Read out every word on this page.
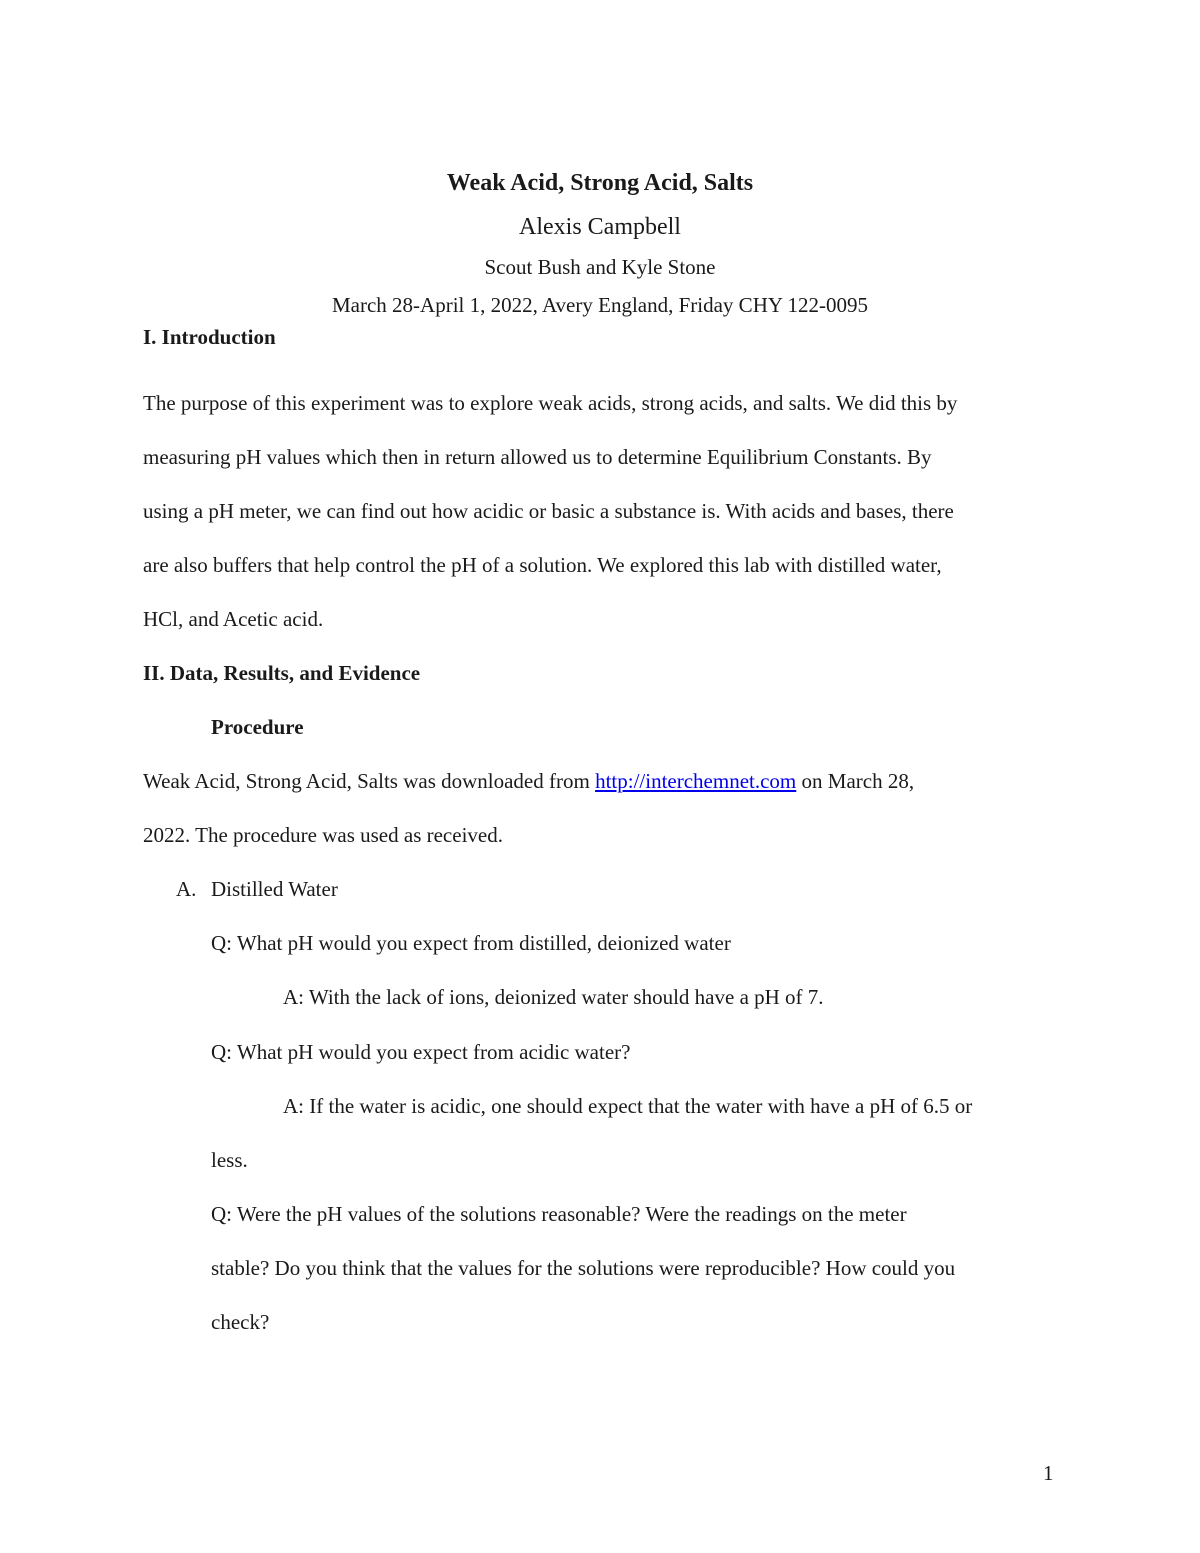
Weak Acid, Strong Acid, Salts
Alexis Campbell
Scout Bush and Kyle Stone
March 28-April 1, 2022, Avery England, Friday CHY 122-0095
I. Introduction
The purpose of this experiment was to explore weak acids, strong acids, and salts. We did this by
measuring pH values which then in return allowed us to determine Equilibrium Constants. By
using a pH meter, we can find out how acidic or basic a substance is. With acids and bases, there
are also buffers that help control the pH of a solution. We explored this lab with distilled water,
HCl, and Acetic acid.
II. Data, Results, and Evidence
Procedure
Weak Acid, Strong Acid, Salts was downloaded from http://interchemnet.com on March 28,
2022. The procedure was used as received.
A. Distilled Water
Q: What pH would you expect from distilled, deionized water
A: With the lack of ions, deionized water should have a pH of 7.
Q: What pH would you expect from acidic water?
A: If the water is acidic, one should expect that the water with have a pH of 6.5 or
less.
Q: Were the pH values of the solutions reasonable? Were the readings on the meter
stable? Do you think that the values for the solutions were reproducible? How could you
check?
1
